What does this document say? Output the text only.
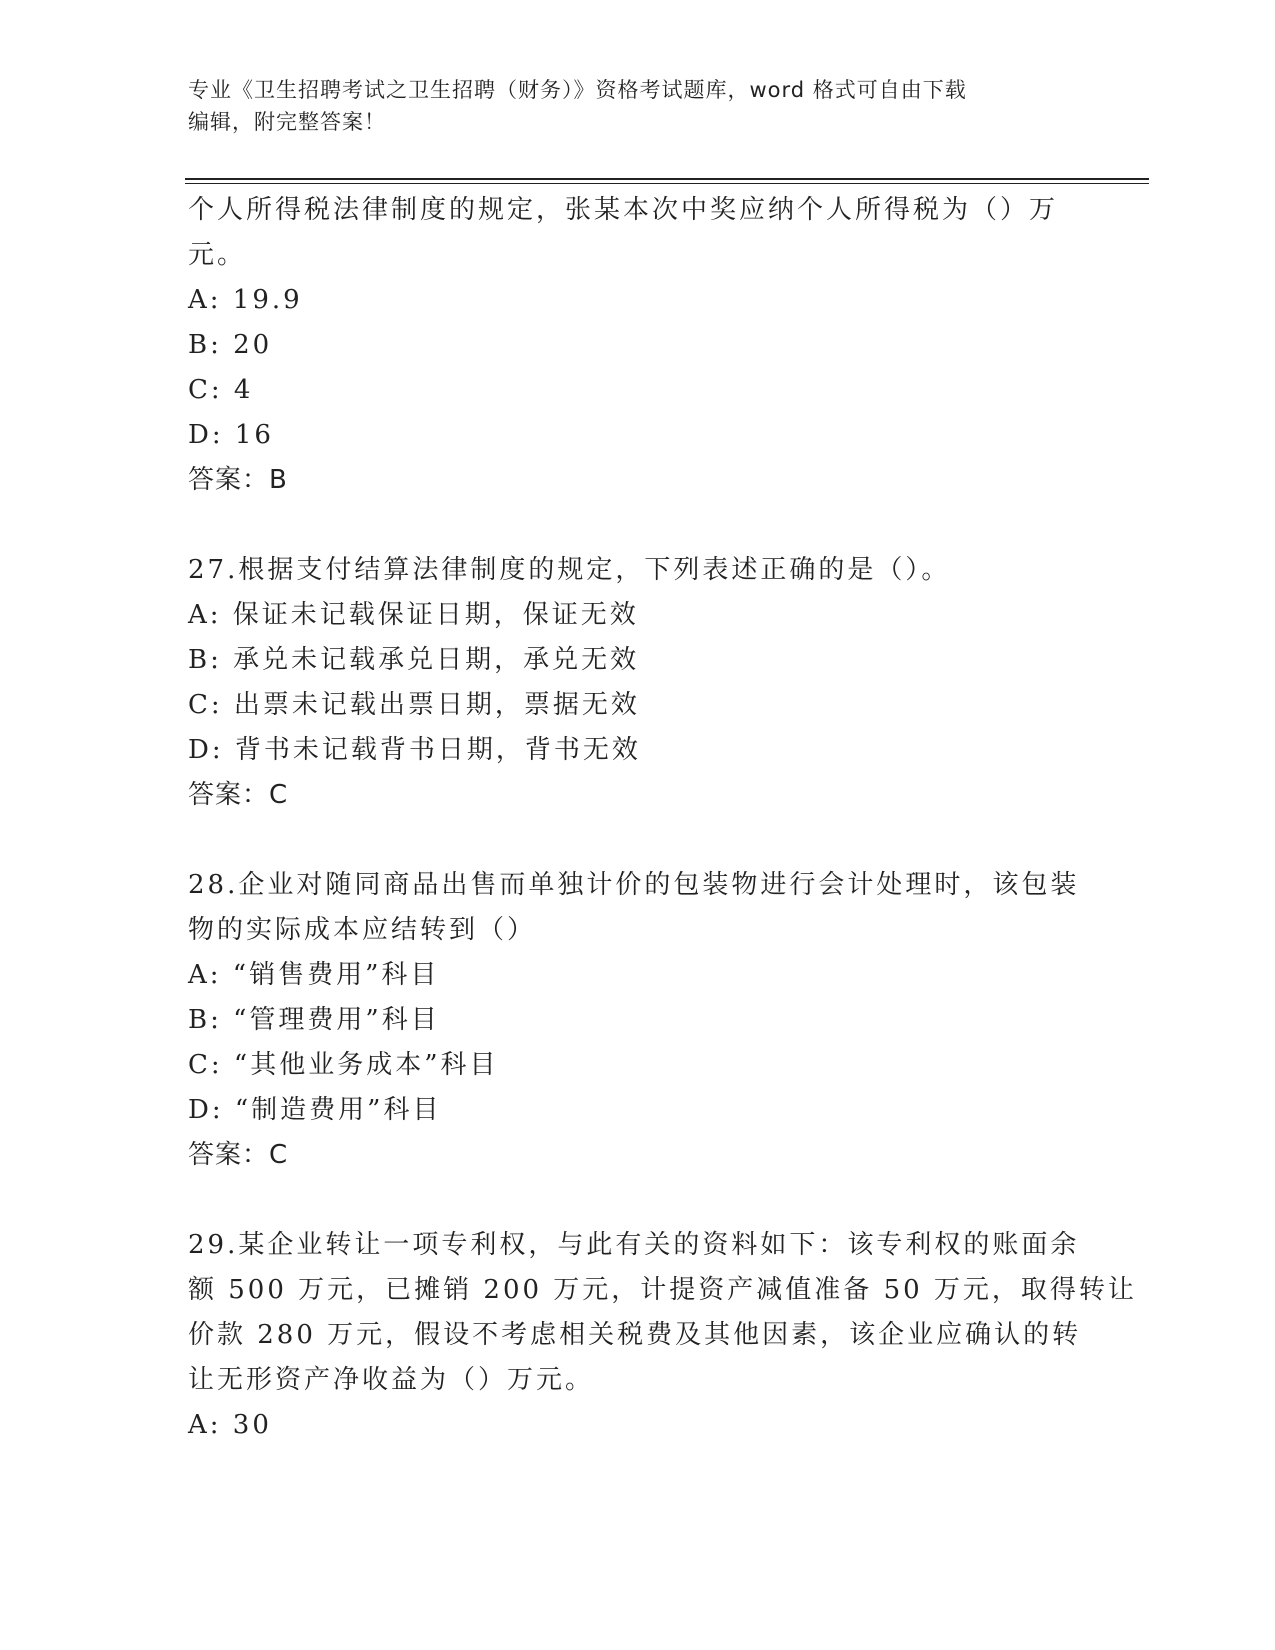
专业《卫生招聘考试之卫生招聘（财务）》资格考试题库，word 格式可自由下载
编辑，附完整答案！
个人所得税法律制度的规定，张某本次中奖应纳个人所得税为（）万
元。
A: 19.9
B: 20
C: 4
D: 16
答案：B
27.根据支付结算法律制度的规定，下列表述正确的是（）。
A: 保证未记载保证日期，保证无效
B: 承兑未记载承兑日期，承兑无效
C: 出票未记载出票日期，票据无效
D: 背书未记载背书日期，背书无效
答案：C
28.企业对随同商品出售而单独计价的包装物进行会计处理时，该包装
物的实际成本应结转到（）
A: “销售费用”科目
B: “管理费用”科目
C: “其他业务成本”科目
D: “制造费用”科目
答案：C
29.某企业转让一项专利权，与此有关的资料如下：该专利权的账面余
额 500 万元，已摊销 200 万元，计提资产减值准备 50 万元，取得转让
价款 280 万元，假设不考虑相关税费及其他因素，该企业应确认的转
让无形资产净收益为（）万元。
A: 30
